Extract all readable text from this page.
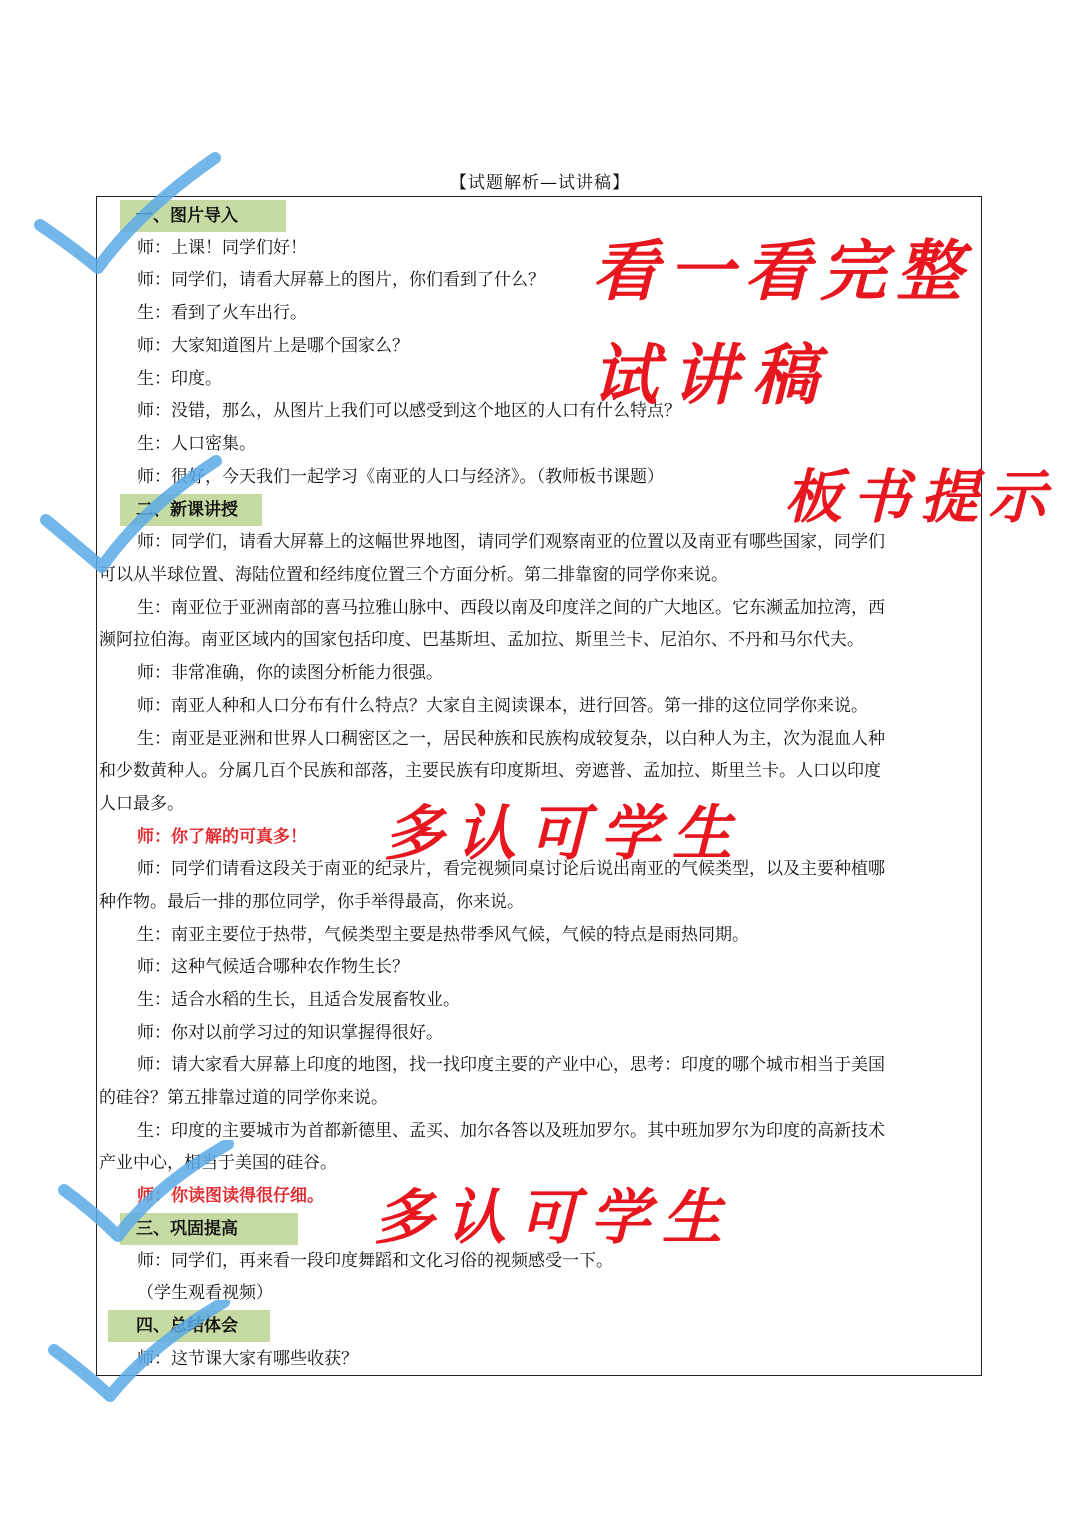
【试题解析—试讲稿】
一、图片导入
师：上课！同学们好！
师：同学们，请看大屏幕上的图片，你们看到了什么？
生：看到了火车出行。
师：大家知道图片上是哪个国家么？
生：印度。
师：没错，那么，从图片上我们可以感受到这个地区的人口有什么特点？
生：人口密集。
师：很好，今天我们一起学习《南亚的人口与经济》。（教师板书课题）
二、新课讲授
师：同学们，请看大屏幕上的这幅世界地图，请同学们观察南亚的位置以及南亚有哪些国家，同学们
可以从半球位置、海陆位置和经纬度位置三个方面分析。第二排靠窗的同学你来说。
生：南亚位于亚洲南部的喜马拉雅山脉中、西段以南及印度洋之间的广大地区。它东濒孟加拉湾，西
濒阿拉伯海。南亚区域内的国家包括印度、巴基斯坦、孟加拉、斯里兰卡、尼泊尔、不丹和马尔代夫。
师：非常准确，你的读图分析能力很强。
师：南亚人种和人口分布有什么特点？大家自主阅读课本，进行回答。第一排的这位同学你来说。
生：南亚是亚洲和世界人口稠密区之一，居民种族和民族构成较复杂，以白种人为主，次为混血人种
和少数黄种人。分属几百个民族和部落，主要民族有印度斯坦、旁遮普、孟加拉、斯里兰卡。人口以印度
人口最多。
师：你了解的可真多！
师：同学们请看这段关于南亚的纪录片，看完视频同桌讨论后说出南亚的气候类型，以及主要种植哪
种作物。最后一排的那位同学，你手举得最高，你来说。
生：南亚主要位于热带，气候类型主要是热带季风气候，气候的特点是雨热同期。
师：这种气候适合哪种农作物生长？
生：适合水稻的生长，且适合发展畜牧业。
师：你对以前学习过的知识掌握得很好。
师：请大家看大屏幕上印度的地图，找一找印度主要的产业中心，思考：印度的哪个城市相当于美国
的硅谷？第五排靠过道的同学你来说。
生：印度的主要城市为首都新德里、孟买、加尔各答以及班加罗尔。其中班加罗尔为印度的高新技术
产业中心，相当于美国的硅谷。
师：你读图读得很仔细。
三、巩固提高
师：同学们，再来看一段印度舞蹈和文化习俗的视频感受一下。
（学生观看视频）
四、总结体会
师：这节课大家有哪些收获？
看一看完整
试讲稿
板书提示
多认可学生
多认可学生
